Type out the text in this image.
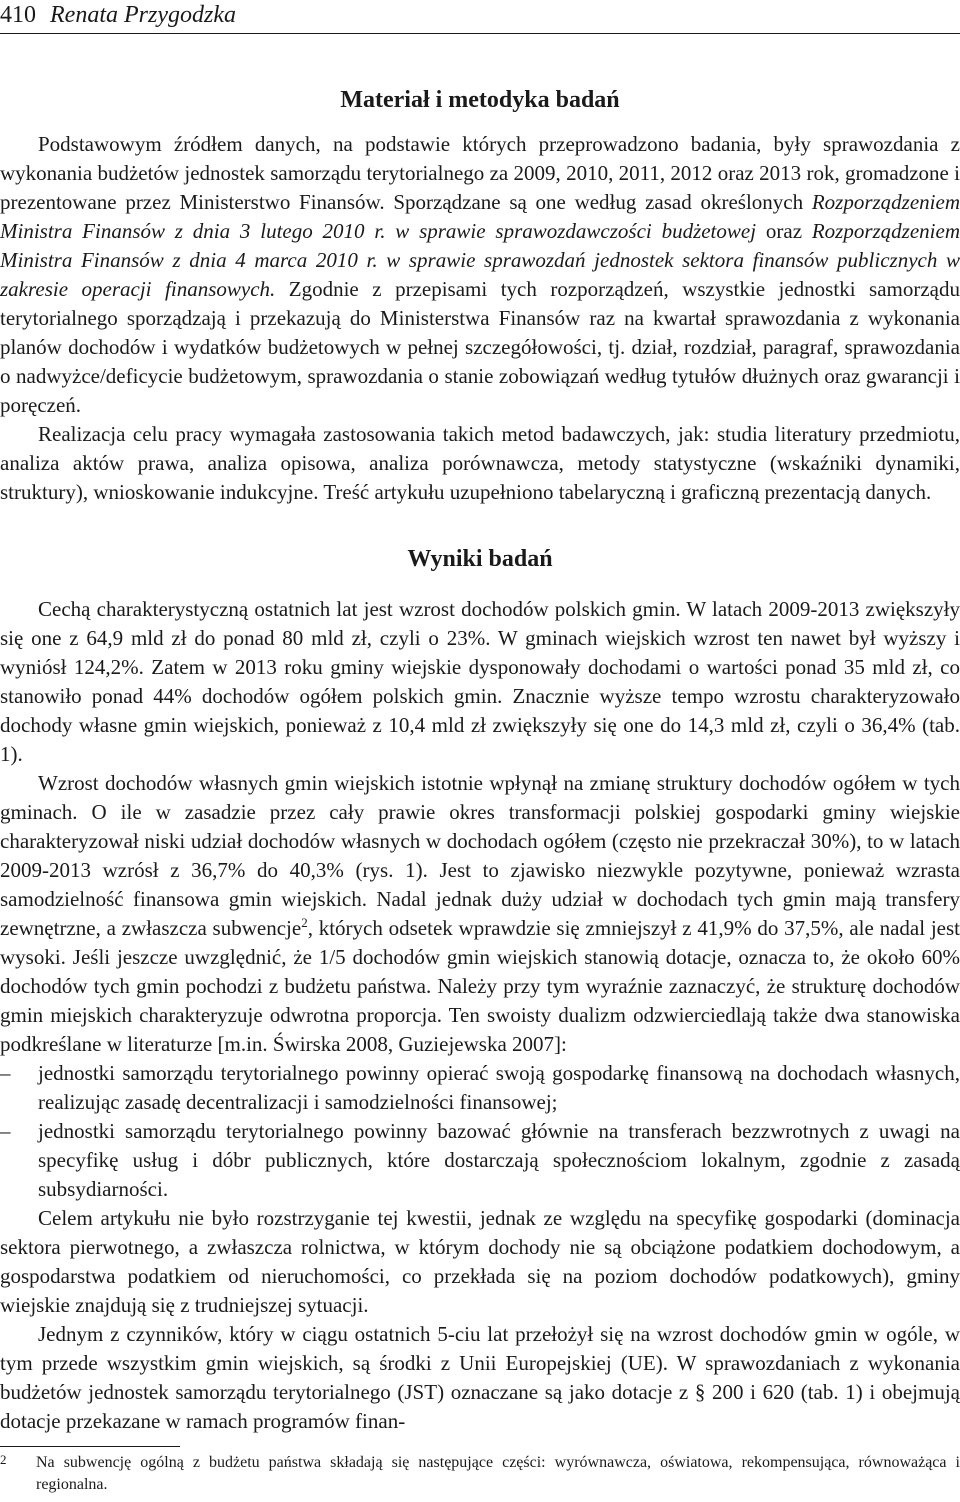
410 Renata Przygodzka
Materiał i metodyka badań

Podstawowym źródłem danych, na podstawie których przeprowadzono badania, były sprawozdania z wykonania budżetów jednostek samorządu terytorialnego za 2009, 2010, 2011, 2012 oraz 2013 rok, gromadzone i prezentowane przez Ministerstwo Finansów. Sporządzane są one według zasad określonych Rozporządzeniem Ministra Finansów z dnia 3 lutego 2010 r. w sprawie sprawozdawczości budżetowej oraz Rozporządzeniem Ministra Finansów z dnia 4 marca 2010 r. w sprawie sprawozdań jednostek sektora finansów publicznych w zakresie operacji finansowych. Zgodnie z przepisami tych rozporządzeń, wszystkie jednostki samorządu terytorialnego sporządzają i przekazują do Ministerstwa Finansów raz na kwartał sprawozdania z wykonania planów dochodów i wydatków budżetowych w pełnej szczegółowości, tj. dział, rozdział, paragraf, sprawozdania o nadwyżce/deficycie budżetowym, sprawozdania o stanie zobowiązań według tytułów dłużnych oraz gwarancji i poręczeń.

Realizacja celu pracy wymagała zastosowania takich metod badawczych, jak: studia literatury przedmiotu, analiza aktów prawa, analiza opisowa, analiza porównawcza, metody statystyczne (wskaźniki dynamiki, struktury), wnioskowanie indukcyjne. Treść artykułu uzupełniono tabelaryczną i graficzną prezentacją danych.

Wyniki badań

Cechą charakterystyczną ostatnich lat jest wzrost dochodów polskich gmin. W latach 2009-2013 zwiększyły się one z 64,9 mld zł do ponad 80 mld zł, czyli o 23%. W gminach wiejskich wzrost ten nawet był wyższy i wyniósł 124,2%. Zatem w 2013 roku gminy wiejskie dysponowały dochodami o wartości ponad 35 mld zł, co stanowiło ponad 44% dochodów ogółem polskich gmin. Znacznie wyższe tempo wzrostu charakteryzowało dochody własne gmin wiejskich, ponieważ z 10,4 mld zł zwiększyły się one do 14,3 mld zł, czyli o 36,4% (tab. 1).

Wzrost dochodów własnych gmin wiejskich istotnie wpłynął na zmianę struktury dochodów ogółem w tych gminach. O ile w zasadzie przez cały prawie okres transformacji polskiej gospodarki gminy wiejskie charakteryzował niski udział dochodów własnych w dochodach ogółem (często nie przekraczał 30%), to w latach 2009-2013 wzrósł z 36,7% do 40,3% (rys. 1). Jest to zjawisko niezwykle pozytywne, ponieważ wzrasta samodzielność finansowa gmin wiejskich. Nadal jednak duży udział w dochodach tych gmin mają transfery zewnętrzne, a zwłaszcza subwencje$^2$, których odsetek wprawdzie się zmniejszył z 41,9% do 37,5%, ale nadal jest wysoki. Jeśli jeszcze uwzględnić, że 1/5 dochodów gmin wiejskich stanowią dotacje, oznacza to, że około 60% dochodów tych gmin pochodzi z budżetu państwa. Należy przy tym wyraźnie zaznaczyć, że strukturę dochodów gmin miejskich charakteryzuje odwrotna proporcja. Ten swoisty dualizm odzwierciedlają także dwa stanowiska podkreślane w literaturze [m.in. Świrska 2008, Guziejewska 2007]:

– jednostki samorządu terytorialnego powinny opierać swoją gospodarkę finansową na dochodach własnych, realizując zasadę decentralizacji i samodzielności finansowej;
– jednostki samorządu terytorialnego powinny bazować głównie na transferach bezzwrotnych z uwagi na specyfikę usług i dóbr publicznych, które dostarczają społecznościom lokalnym, zgodnie z zasadą subsydiarności.

Celem artykułu nie było rozstrzyganie tej kwestii, jednak ze względu na specyfikę gospodarki (dominacja sektora pierwotnego, a zwłaszcza rolnictwa, w którym dochody nie są obciążone podatkiem dochodowym, a gospodarstwa podatkiem od nieruchomości, co przekłada się na poziom dochodów podatkowych), gminy wiejskie znajdują się z trudniejszej sytuacji.

Jednym z czynników, który w ciągu ostatnich 5-ciu lat przełożył się na wzrost dochodów gmin w ogóle, w tym przede wszystkim gmin wiejskich, są środki z Unii Europejskiej (UE). W sprawozdaniach z wykonania budżetów jednostek samorządu terytorialnego (JST) oznaczane są jako dotacje z § 200 i 620 (tab. 1) i obejmują dotacje przekazane w ramach programów finan-

2	Na subwencję ogólną z budżetu państwa składają się następujące części: wyrównawcza, oświatowa, rekompensująca, równoważąca i regionalna.
